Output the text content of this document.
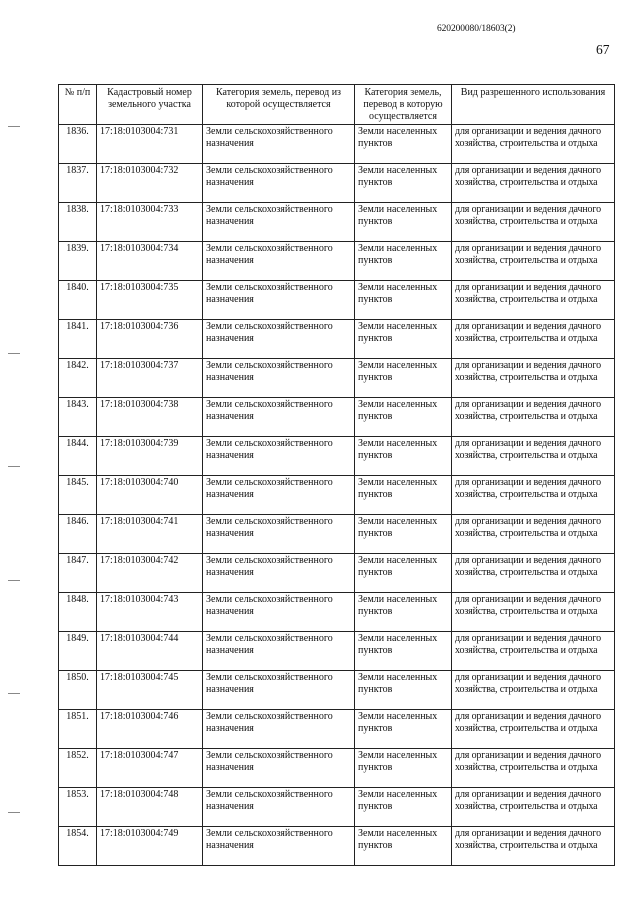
620200080/18603(2)
67
№ п/п	Кадастровый номер земельного участка	Категория земель, перевод из которой осуществляется	Категория земель, перевод в которую осуществляется	Вид разрешенного использования
1836.	17:18:0103004:731	Земли сельскохозяйственного назначения	Земли населенных пунктов	для организации и ведения дачного хозяйства, строительства и отдыха
1837.	17:18:0103004:732	Земли сельскохозяйственного назначения	Земли населенных пунктов	для организации и ведения дачного хозяйства, строительства и отдыха
1838.	17:18:0103004:733	Земли сельскохозяйственного назначения	Земли населенных пунктов	для организации и ведения дачного хозяйства, строительства и отдыха
1839.	17:18:0103004:734	Земли сельскохозяйственного назначения	Земли населенных пунктов	для организации и ведения дачного хозяйства, строительства и отдыха
1840.	17:18:0103004:735	Земли сельскохозяйственного назначения	Земли населенных пунктов	для организации и ведения дачного хозяйства, строительства и отдыха
1841.	17:18:0103004:736	Земли сельскохозяйственного назначения	Земли населенных пунктов	для организации и ведения дачного хозяйства, строительства и отдыха
1842.	17:18:0103004:737	Земли сельскохозяйственного назначения	Земли населенных пунктов	для организации и ведения дачного хозяйства, строительства и отдыха
1843.	17:18:0103004:738	Земли сельскохозяйственного назначения	Земли населенных пунктов	для организации и ведения дачного хозяйства, строительства и отдыха
1844.	17:18:0103004:739	Земли сельскохозяйственного назначения	Земли населенных пунктов	для организации и ведения дачного хозяйства, строительства и отдыха
1845.	17:18:0103004:740	Земли сельскохозяйственного назначения	Земли населенных пунктов	для организации и ведения дачного хозяйства, строительства и отдыха
1846.	17:18:0103004:741	Земли сельскохозяйственного назначения	Земли населенных пунктов	для организации и ведения дачного хозяйства, строительства и отдыха
1847.	17:18:0103004:742	Земли сельскохозяйственного назначения	Земли населенных пунктов	для организации и ведения дачного хозяйства, строительства и отдыха
1848.	17:18:0103004:743	Земли сельскохозяйственного назначения	Земли населенных пунктов	для организации и ведения дачного хозяйства, строительства и отдыха
1849.	17:18:0103004:744	Земли сельскохозяйственного назначения	Земли населенных пунктов	для организации и ведения дачного хозяйства, строительства и отдыха
1850.	17:18:0103004:745	Земли сельскохозяйственного назначения	Земли населенных пунктов	для организации и ведения дачного хозяйства, строительства и отдыха
1851.	17:18:0103004:746	Земли сельскохозяйственного назначения	Земли населенных пунктов	для организации и ведения дачного хозяйства, строительства и отдыха
1852.	17:18:0103004:747	Земли сельскохозяйственного назначения	Земли населенных пунктов	для организации и ведения дачного хозяйства, строительства и отдыха
1853.	17:18:0103004:748	Земли сельскохозяйственного назначения	Земли населенных пунктов	для организации и ведения дачного хозяйства, строительства и отдыха
1854.	17:18:0103004:749	Земли сельскохозяйственного назначения	Земли населенных пунктов	для организации и ведения дачного хозяйства, строительства и отдыха
